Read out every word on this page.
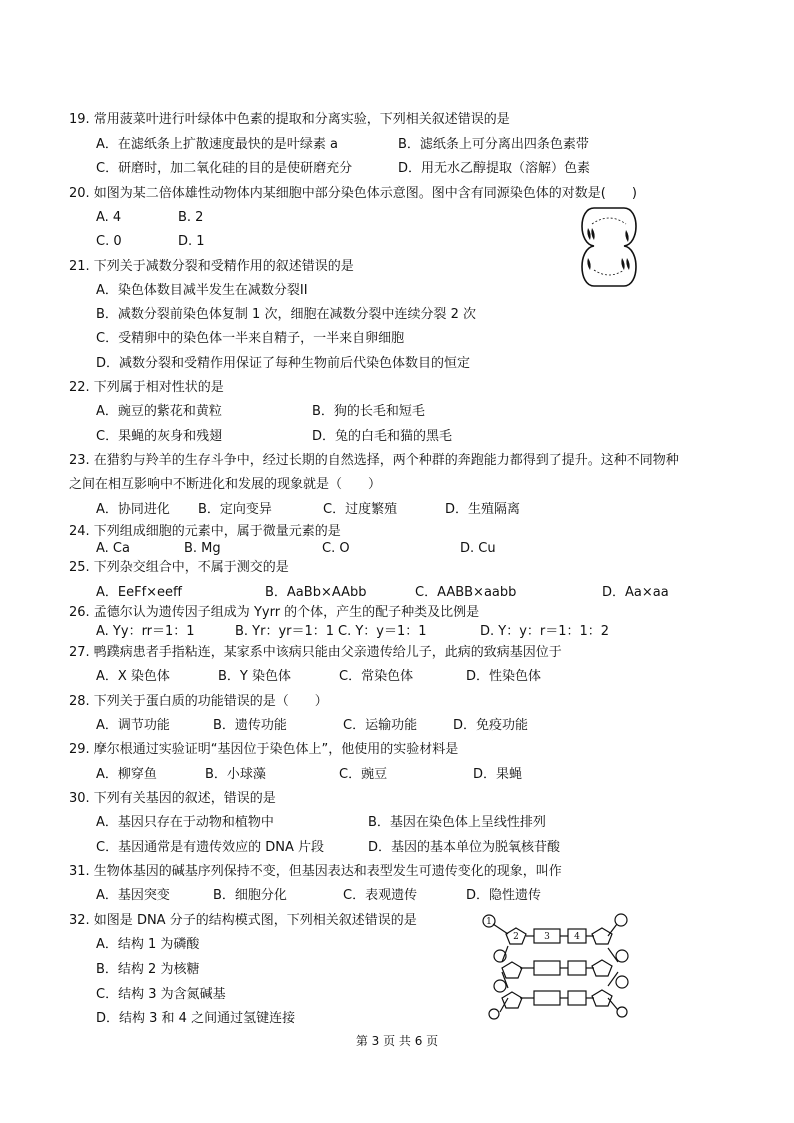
19. 常用菠菜叶进行叶绿体中色素的提取和分离实验，下列相关叙述错误的是
A．在滤纸条上扩散速度最快的是叶绿素 a	B．滤纸条上可分离出四条色素带
C．研磨时，加二氧化硅的目的是使研磨充分	D．用无水乙醇提取（溶解）色素
20. 如图为某二倍体雄性动物体内某细胞中部分染色体示意图。图中含有同源染色体的对数是(　　)
A. 4	B. 2
C. 0	D. 1
21. 下列关于减数分裂和受精作用的叙述错误的是
A．染色体数目减半发生在减数分裂II
B．减数分裂前染色体复制 1 次，细胞在减数分裂中连续分裂 2 次
C．受精卵中的染色体一半来自精子，一半来自卵细胞
D．减数分裂和受精作用保证了每种生物前后代染色体数目的恒定
22. 下列属于相对性状的是
A．豌豆的紫花和黄粒	B．狗的长毛和短毛
C．果蝇的灰身和残翅	D．兔的白毛和猫的黑毛
23. 在猎豹与羚羊的生存斗争中，经过长期的自然选择，两个种群的奔跑能力都得到了提升。这种不同物种
之间在相互影响中不断进化和发展的现象就是（　　）
A．协同进化 B．定向变异	C．过度繁殖	D．生殖隔离
24. 下列组成细胞的元素中，属于微量元素的是
A. Ca	B. Mg	C. O	D. Cu
25. 下列杂交组合中，不属于测交的是
A．EeFf×eeff	B．AaBb×AAbb	C．AABB×aabb	D．Aa×aa
26. 孟德尔认为遗传因子组成为 Yyrr 的个体，产生的配子种类及比例是
A. Yy：rr＝1：1	B. Yr：yr＝1：1 C. Y：y＝1：1	D. Y：y：r＝1：1：2
27. 鸭蹼病患者手指粘连，某家系中该病只能由父亲遗传给儿子，此病的致病基因位于
A．X 染色体	B．Y 染色体	C．常染色体	D．性染色体
28. 下列关于蛋白质的功能错误的是（　　）
A．调节功能	B．遗传功能	C．运输功能	D．免疫功能
29. 摩尔根通过实验证明“基因位于染色体上”，他使用的实验材料是
A．柳穿鱼	B．小球藻	C．豌豆	D．果蝇
30. 下列有关基因的叙述，错误的是
A．基因只存在于动物和植物中	B．基因在染色体上呈线性排列
C．基因通常是有遗传效应的 DNA 片段	D．基因的基本单位为脱氧核苷酸
31. 生物体基因的碱基序列保持不变，但基因表达和表型发生可遗传变化的现象，叫作
A．基因突变	B．细胞分化	C．表观遗传	D．隐性遗传
32. 如图是 DNA 分子的结构模式图，下列相关叙述错误的是
A．结构 1 为磷酸
B．结构 2 为核糖
C．结构 3 为含氮碱基
D．结构 3 和 4 之间通过氢键连接
1
2	3	4
第 3 页 共 6 页
